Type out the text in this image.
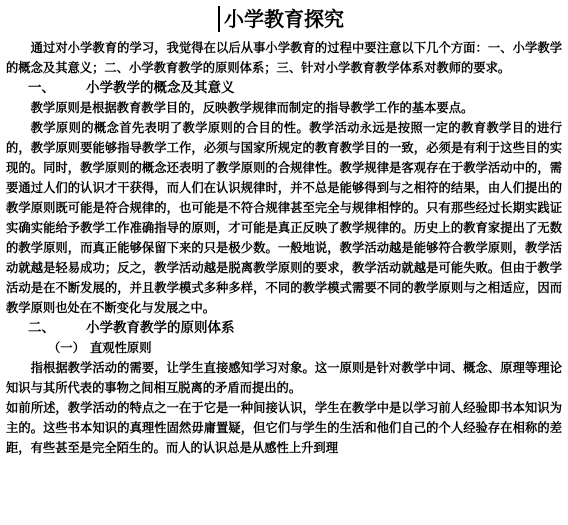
小学教育探究

通过对小学教育的学习，我觉得在以后从事小学教育的过程中要注意以下几个方面：一、小学教学的概念及其意义；二、小学教育教学的原则体系；三、针对小学教育教学体系对教师的要求。

一、 小学教学的概念及其意义

教学原则是根据教育教学目的，反映教学规律而制定的指导教学工作的基本要点。

教学原则的概念首先表明了教学原则的合目的性。教学活动永远是按照一定的教育教学目的进行的，教学原则要能够指导教学工作，必须与国家所规定的教育教学目的一致，必须是有利于这些目的实现的。同时，教学原则的概念还表明了教学原则的合规律性。教学规律是客观存在于教学活动中的，需要通过人们的认识才干获得，而人们在认识规律时，并不总是能够得到与之相符的结果，由人们提出的教学原则既可能是符合规律的，也可能是不符合规律甚至完全与规律相悖的。只有那些经过长期实践证实确实能给予教学工作准确指导的原则，才可能是真正反映了教学规律的。历史上的教育家提出了无数的教学原则，而真正能够保留下来的只是极少数。一般地说，教学活动越是能够符合教学原则，教学活动就越是轻易成功；反之，教学活动越是脱离教学原则的要求，教学活动就越是可能失败。但由于教学活动是在不断发展的，并且教学模式多种多样，不同的教学模式需要不同的教学原则与之相适应，因而教学原则也处在不断变化与发展之中。

二、 小学教育教学的原则体系

（一） 直观性原则

指根据教学活动的需要，让学生直接感知学习对象。这一原则是针对教学中词、概念、原理等理论知识与其所代表的事物之间相互脱离的矛盾而提出的。

如前所述，教学活动的特点之一在于它是一种间接认识，学生在教学中是以学习前人经验即书本知识为主的。这些书本知识的真理性固然毋庸置疑，但它们与学生的生活和他们自己的个人经验存在相称的差距，有些甚至是完全陌生的。而人的认识总是从感性上升到理
